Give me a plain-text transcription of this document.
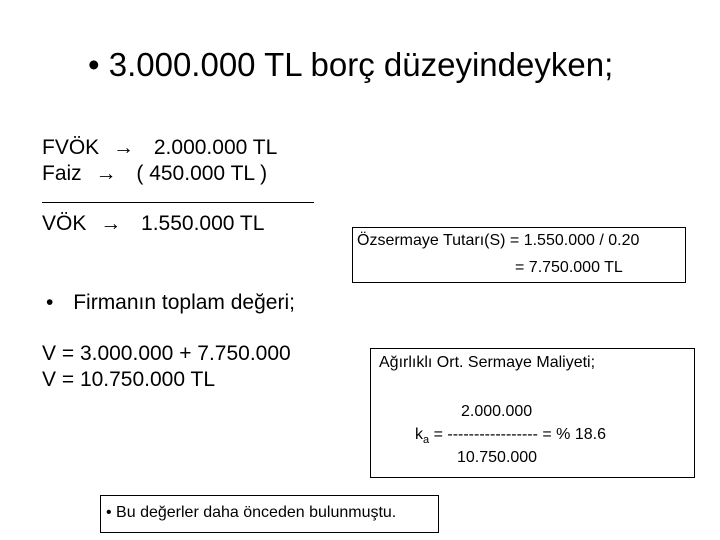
• 3.000.000 TL borç düzeyindeyken;
FVÖK → 2.000.000 TL
Faiz → ( 450.000 TL )
VÖK → 1.550.000 TL
Özsermaye Tutarı(S) = 1.550.000 / 0.20
= 7.750.000 TL
• Firmanın toplam değeri;
V = 3.000.000 + 7.750.000
V = 10.750.000 TL
Ağırlıklı Ort. Sermaye Maliyeti;
2.000.000
$k_a$ = ----------------- = % 18.6
10.750.000
• Bu değerler daha önceden bulunmuştu.
